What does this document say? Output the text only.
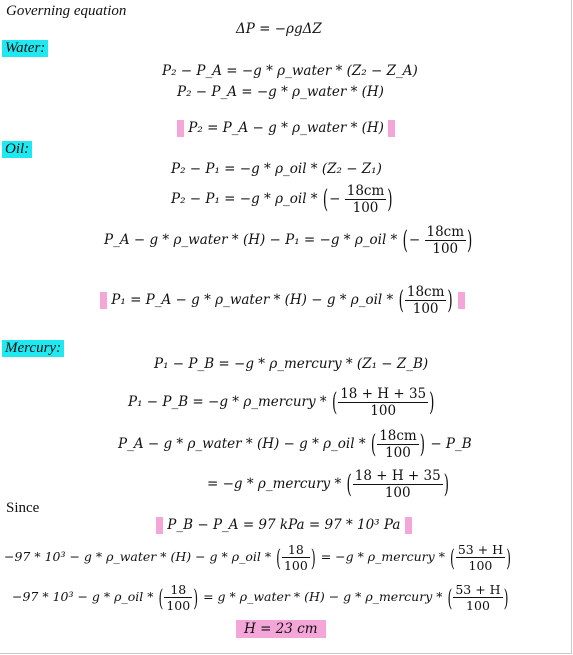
Governing equation
ΔP = −ρgΔZ
Water:
P₂ − P_A = −g * ρ_water * (Z₂ − Z_A)
P₂ − P_A = −g * ρ_water * (H)
P₂ = P_A − g * ρ_water * (H)
Oil:
P₂ − P₁ = −g * ρ_oil * (Z₂ − Z₁)
P₂ − P₁ = −g * ρ_oil * (− $\frac{18cm}{100}$ )
P_A − g * ρ_water * (H) − P₁ = −g * ρ_oil * (− $\frac{18cm}{100}$ )
P₁ = P_A − g * ρ_water * (H) − g * ρ_oil * ( $\frac{18cm}{100}$ )
Mercury:
P₁ − P_B = −g * ρ_mercury * (Z₁ − Z_B)
P₁ − P_B = −g * ρ_mercury * ( $\frac{18 + H + 35}{100}$ )
P_A − g * ρ_water * (H) − g * ρ_oil * ( $\frac{18cm}{100}$ ) − P_B
= −g * ρ_mercury * ( $\frac{18 + H + 35}{100}$ )
Since
P_B − P_A = 97 kPa = 97 * 10³ Pa
−97 * 10³ − g * ρ_water * (H) − g * ρ_oil * ( $\frac{18}{100}$ ) = −g * ρ_mercury * ( $\frac{53 + H}{100}$ )
−97 * 10³ − g * ρ_oil * ( $\frac{18}{100}$ ) = g * ρ_water * (H) − g * ρ_mercury * ( $\frac{53 + H}{100}$ )
H = 23 cm
